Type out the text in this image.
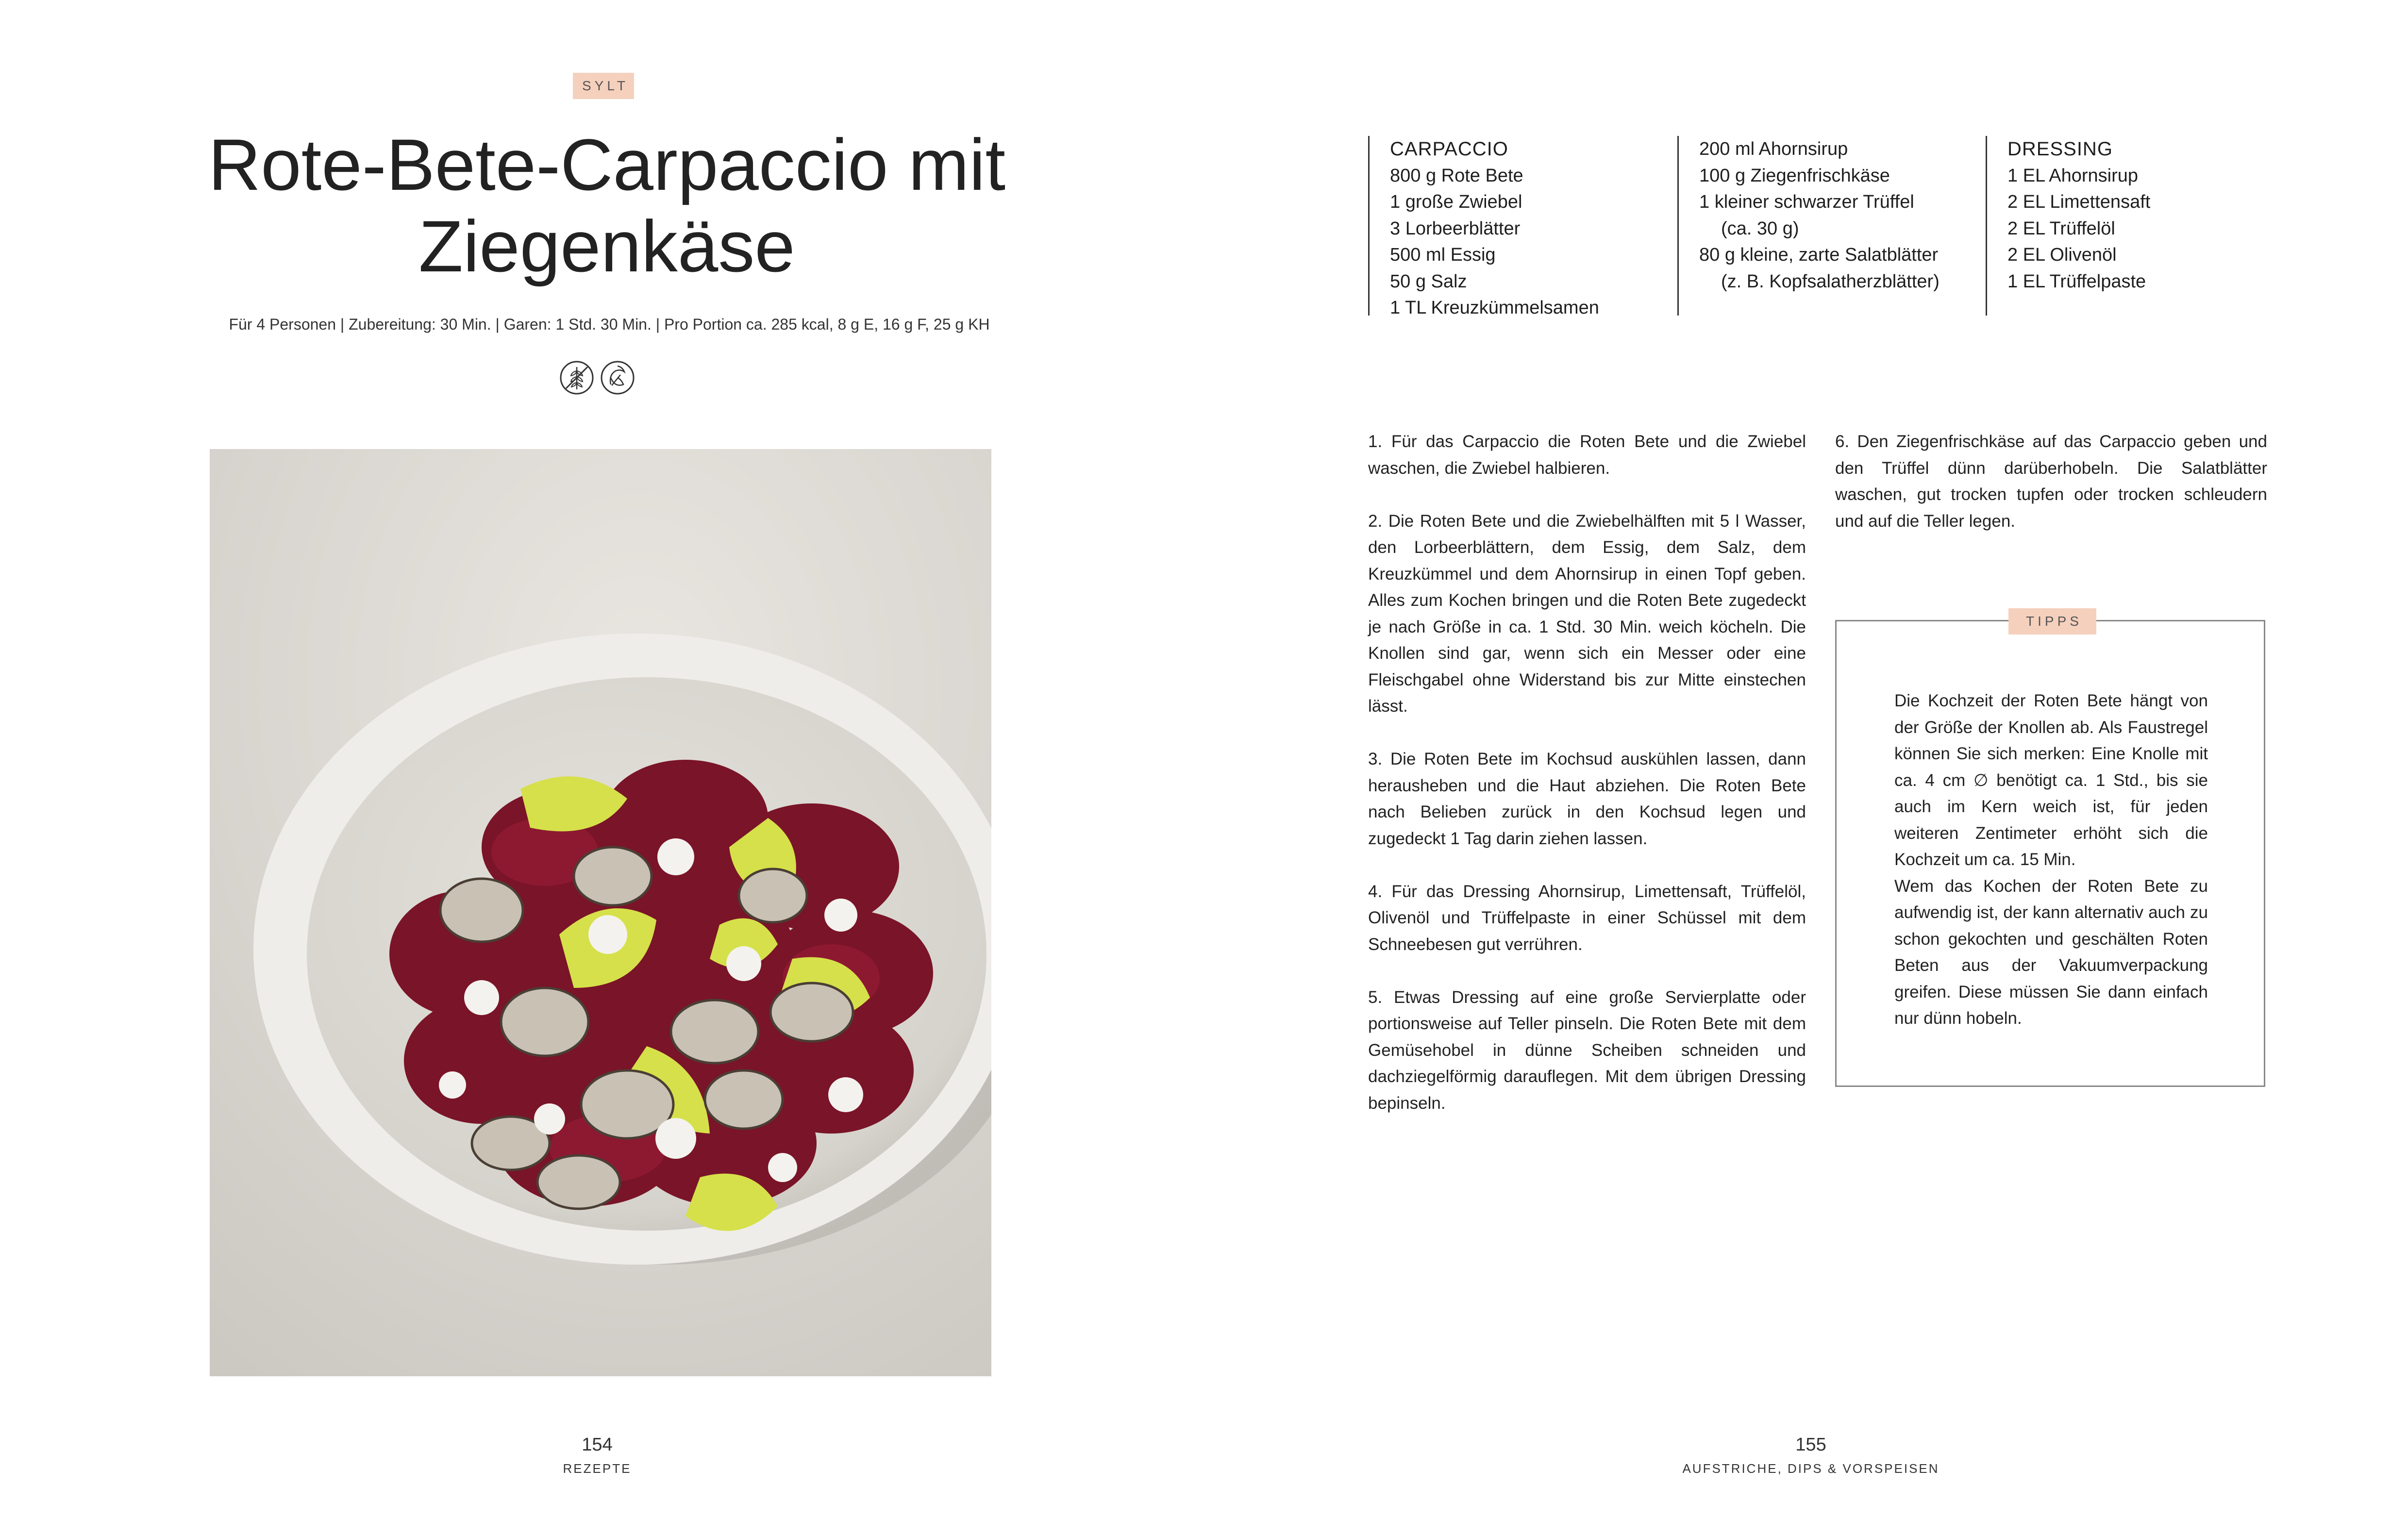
SYLT
Rote-Bete-Carpaccio mit
Ziegenkäse
Für 4 Personen | Zubereitung: 30 Min. | Garen: 1 Std. 30 Min. | Pro Portion ca. 285 kcal, 8 g E, 16 g F, 25 g KH
154
REZEPTE
CARPACCIO
800 g Rote Bete
1 große Zwiebel
3 Lorbeerblätter
500 ml Essig
50 g Salz
1 TL Kreuzkümmelsamen
200 ml Ahornsirup
100 g Ziegenfrischkäse
1 kleiner schwarzer Trüffel
(ca. 30 g)
80 g kleine, zarte Salatblätter
(z. B. Kopfsalatherzblätter)
DRESSING
1 EL Ahornsirup
2 EL Limettensaft
2 EL Trüffelöl
2 EL Olivenöl
1 EL Trüffelpaste

1. Für das Carpaccio die Roten Bete und die Zwiebel waschen, die Zwiebel halbieren.

2. Die Roten Bete und die Zwiebelhälften mit 5 l Wasser, den Lorbeerblättern, dem Essig, dem Salz, dem Kreuzkümmel und dem Ahornsirup in einen Topf geben. Alles zum Kochen bringen und die Roten Bete zugedeckt je nach Größe in ca. 1 Std. 30 Min. weich köcheln. Die Knollen sind gar, wenn sich ein Messer oder eine Fleischgabel ohne Widerstand bis zur Mitte einstechen lässt.

3. Die Roten Bete im Kochsud auskühlen lassen, dann herausheben und die Haut abziehen. Die Roten Bete nach Belieben zurück in den Kochsud legen und zugedeckt 1 Tag darin ziehen lassen.

4. Für das Dressing Ahornsirup, Limettensaft, Trüffelöl, Olivenöl und Trüffelpaste in einer Schüssel mit dem Schneebesen gut verrühren.

5. Etwas Dressing auf eine große Servierplatte oder portionsweise auf Teller pinseln. Die Roten Bete mit dem Gemüsehobel in dünne Scheiben schneiden und dachziegelförmig darauflegen. Mit dem übrigen Dressing bepinseln.

6. Den Ziegenfrischkäse auf das Carpaccio geben und den Trüffel dünn darüberhobeln. Die Salatblätter waschen, gut trocken tupfen oder trocken schleudern und auf die Teller legen.

TIPPS

Die Kochzeit der Roten Bete hängt von der Größe der Knollen ab. Als Faustregel können Sie sich merken: Eine Knolle mit ca. 4 cm ∅ benötigt ca. 1 Std., bis sie auch im Kern weich ist, für jeden weiteren Zentimeter erhöht sich die Kochzeit um ca. 15 Min.

Wem das Kochen der Roten Bete zu aufwendig ist, der kann alternativ auch zu schon gekochten und geschälten Roten Beten aus der Vakuumverpackung greifen. Diese müssen Sie dann einfach nur dünn hobeln.

155
AUFSTRICHE, DIPS & VORSPEISEN
